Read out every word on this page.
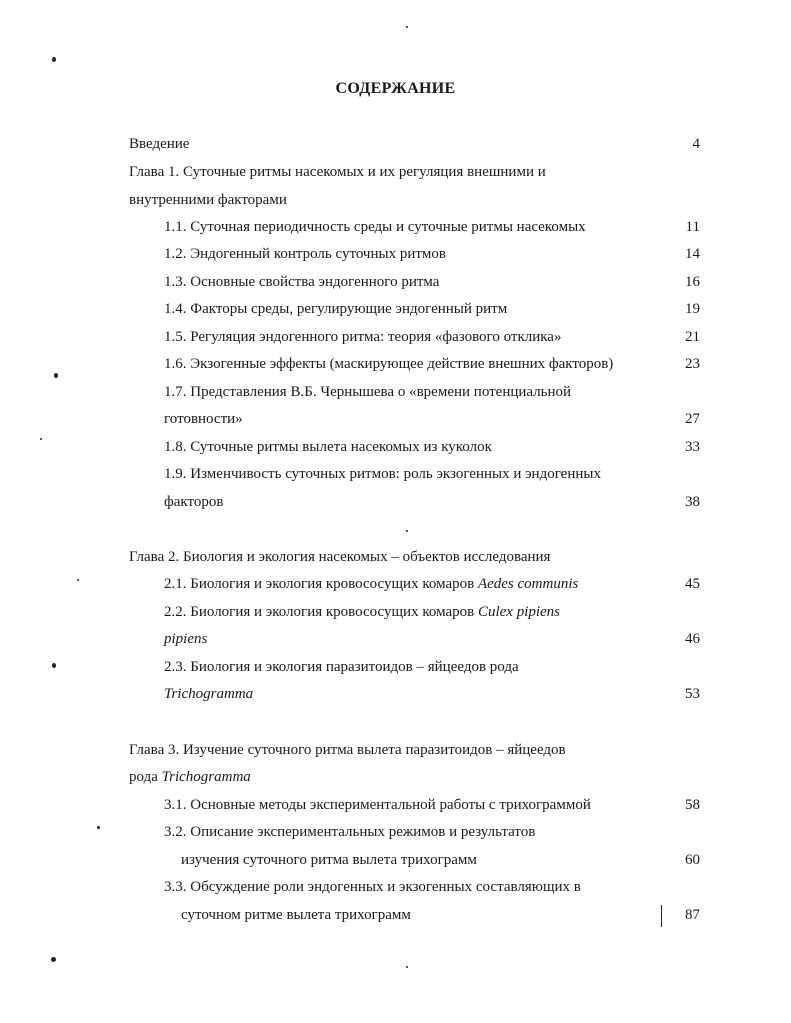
СОДЕРЖАНИЕ
Введение	4
Глава 1. Суточные ритмы насекомых и их регуляция внешними и
внутренними факторами
1.1. Суточная периодичность среды и суточные ритмы насекомых	11
1.2. Эндогенный контроль суточных ритмов	14
1.3. Основные свойства эндогенного ритма	16
1.4. Факторы среды, регулирующие эндогенный ритм	19
1.5. Регуляция эндогенного ритма: теория «фазового отклика»	21
1.6. Экзогенные эффекты (маскирующее действие внешних факторов)	23
1.7. Представления В.Б. Чернышева о «времени потенциальной
готовности»	27
1.8. Суточные ритмы вылета насекомых из куколок	33
1.9. Изменчивость суточных ритмов: роль экзогенных и эндогенных
факторов	38
Глава 2. Биология и экология насекомых – объектов исследования
2.1. Биология и экология кровососущих комаров Aedes communis	45
2.2. Биология и экология кровососущих комаров Culex pipiens
pipiens	46
2.3. Биология и экология паразитоидов – яйцеедов рода
Trichogramma	53
Глава 3. Изучение суточного ритма вылета паразитоидов – яйцеедов
рода Trichogramma
3.1. Основные методы экспериментальной работы с трихограммой	58
3.2. Описание экспериментальных режимов и результатов
изучения суточного ритма вылета трихограмм	60
3.3. Обсуждение роли эндогенных и экзогенных составляющих в
суточном ритме вылета трихограмм	87
